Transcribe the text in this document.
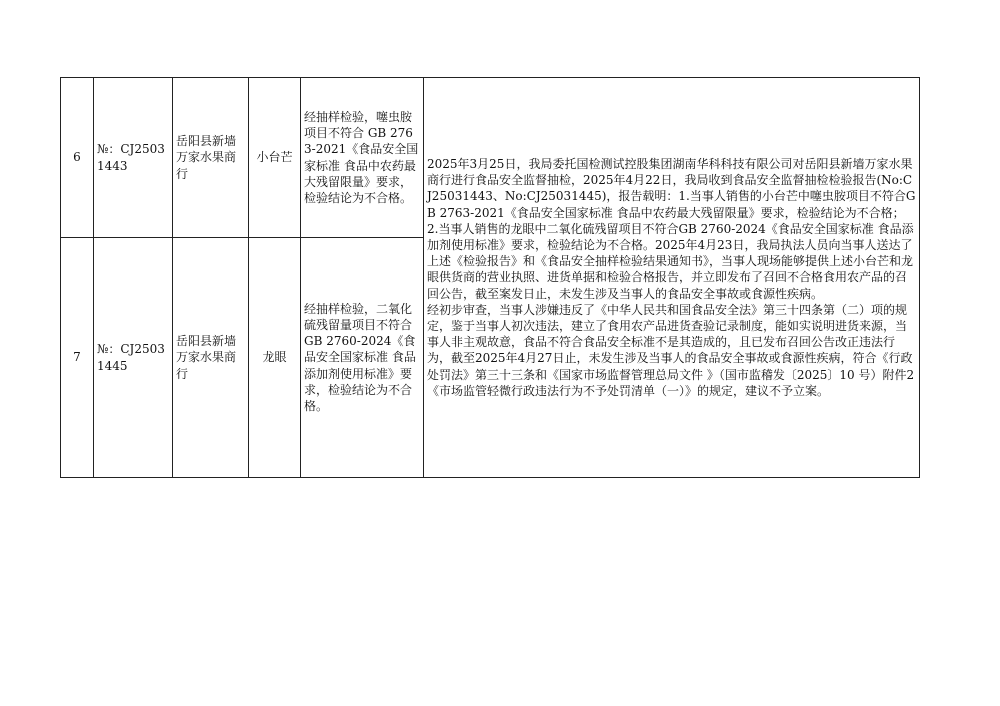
6	№：CJ25031443	岳阳县新墙万家水果商行	小台芒	经抽样检验，噻虫胺项目不符合 GB 2763-2021《食品安全国家标准 食品中农药最大残留限量》要求，检验结论为不合格。	2025年3月25日，我局委托国检测试控股集团湖南华科科技有限公司对岳阳县新墙万家水果商行进行食品安全监督抽检，2025年4月22日，我局收到食品安全监督抽检检验报告(No:CJ25031443、No:CJ25031445)，报告载明：1.当事人销售的小台芒中噻虫胺项目不符合GB 2763-2021《食品安全国家标准 食品中农药最大残留限量》要求，检验结论为不合格；2.当事人销售的龙眼中二氧化硫残留项目不符合GB 2760-2024《食品安全国家标准 食品添加剂使用标准》要求，检验结论为不合格。2025年4月23日，我局执法人员向当事人送达了上述《检验报告》和《食品安全抽样检验结果通知书》，当事人现场能够提供上述小台芒和龙眼供货商的营业执照、进货单据和检验合格报告，并立即发布了召回不合格食用农产品的召回公告，截至案发日止，未发生涉及当事人的食品安全事故或食源性疾病。
经初步审查，当事人涉嫌违反了《中华人民共和国食品安全法》第三十四条第（二）项的规定，鉴于当事人初次违法，建立了食用农产品进货查验记录制度，能如实说明进货来源，当事人非主观故意，食品不符合食品安全标准不是其造成的，且已发布召回公告改正违法行为，截至2025年4月27日止，未发生涉及当事人的食品安全事故或食源性疾病，符合《行政处罚法》第三十三条和《国家市场监督管理总局文件 》（国市监稽发〔2025〕10 号）附件2《市场监管轻微行政违法行为不予处罚清单（一）》的规定，建议不予立案。

7	№：CJ25031445	岳阳县新墙万家水果商行	龙眼	经抽样检验，二氧化硫残留量项目不符合 GB 2760-2024《食品安全国家标准 食品添加剂使用标准》要求，检验结论为不合格。	
